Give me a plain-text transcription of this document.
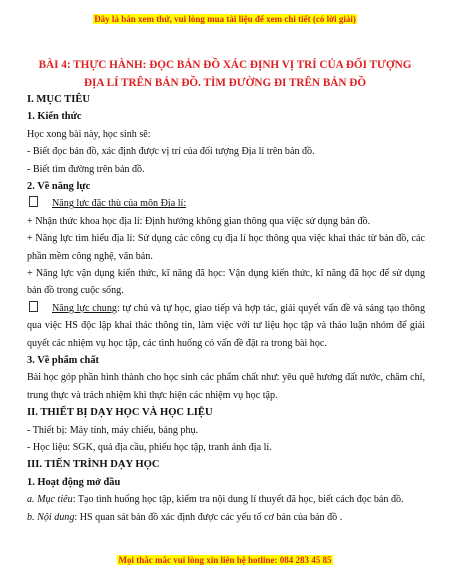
Đây là bản xem thử, vui lòng mua tài liệu để xem chi tiết (có lời giải)
BÀI 4: THỰC HÀNH: ĐỌC BẢN ĐỒ XÁC ĐỊNH VỊ TRÍ CỦA ĐỐI TƯỢNG
ĐỊA LÍ TRÊN BẢN ĐỒ. TÌM ĐƯỜNG ĐI TRÊN BẢN ĐỒ
I. MỤC TIÊU
1. Kiến thức
Học xong bài này, học sinh sẽ:
- Biết đọc bản đồ, xác định được vị trí của đối tượng Địa lí trên bản đồ.
- Biết tìm đường trên bản đồ.
2. Về năng lực
Năng lực đặc thù của môn Địa lí:
+ Nhận thức khoa học địa lí: Định hướng không gian thông qua việc sử dụng bản đồ.
+ Năng lực tìm hiểu địa lí: Sử dụng các công cụ địa lí học thông qua việc khai thác từ bản đồ, các phần mềm công nghệ, văn bản.
+ Năng lực vận dụng kiến thức, kĩ năng đã học: Vận dụng kiến thức, kĩ năng đã học để sử dụng bản đồ trong cuộc sống.
Năng lực chung: tự chủ và tự học, giao tiếp và hợp tác, giải quyết vấn đề và sáng tạo thông qua việc HS độc lập khai thác thông tin, làm việc với tư liệu học tập và thảo luận nhóm để giải quyết các nhiệm vụ học tập, các tình huống có vấn đề đặt ra trong bài học.
3. Về phẩm chất
Bài học góp phần hình thành cho học sinh các phẩm chất như: yêu quê hương đất nước, chăm chỉ, trung thực và trách nhiệm khi thực hiện các nhiệm vụ học tập.
II. THIẾT BỊ DẠY HỌC VÀ HỌC LIỆU
- Thiết bị: Máy tính, máy chiếu, bảng phụ.
- Học liệu: SGK, quả địa cầu, phiếu học tập, tranh ảnh địa lí.
III. TIẾN TRÌNH DẠY HỌC
1. Hoạt động mở đầu
a. Mục tiêu: Tạo tình huống học tập, kiểm tra nội dung lí thuyết đã học, biết cách đọc bản đồ.
b. Nội dung: HS quan sát bản đồ xác định được các yếu tố cơ bản của bản đồ .
Mọi thắc mắc vui lòng xin liên hệ hotline: 084 283 45 85
